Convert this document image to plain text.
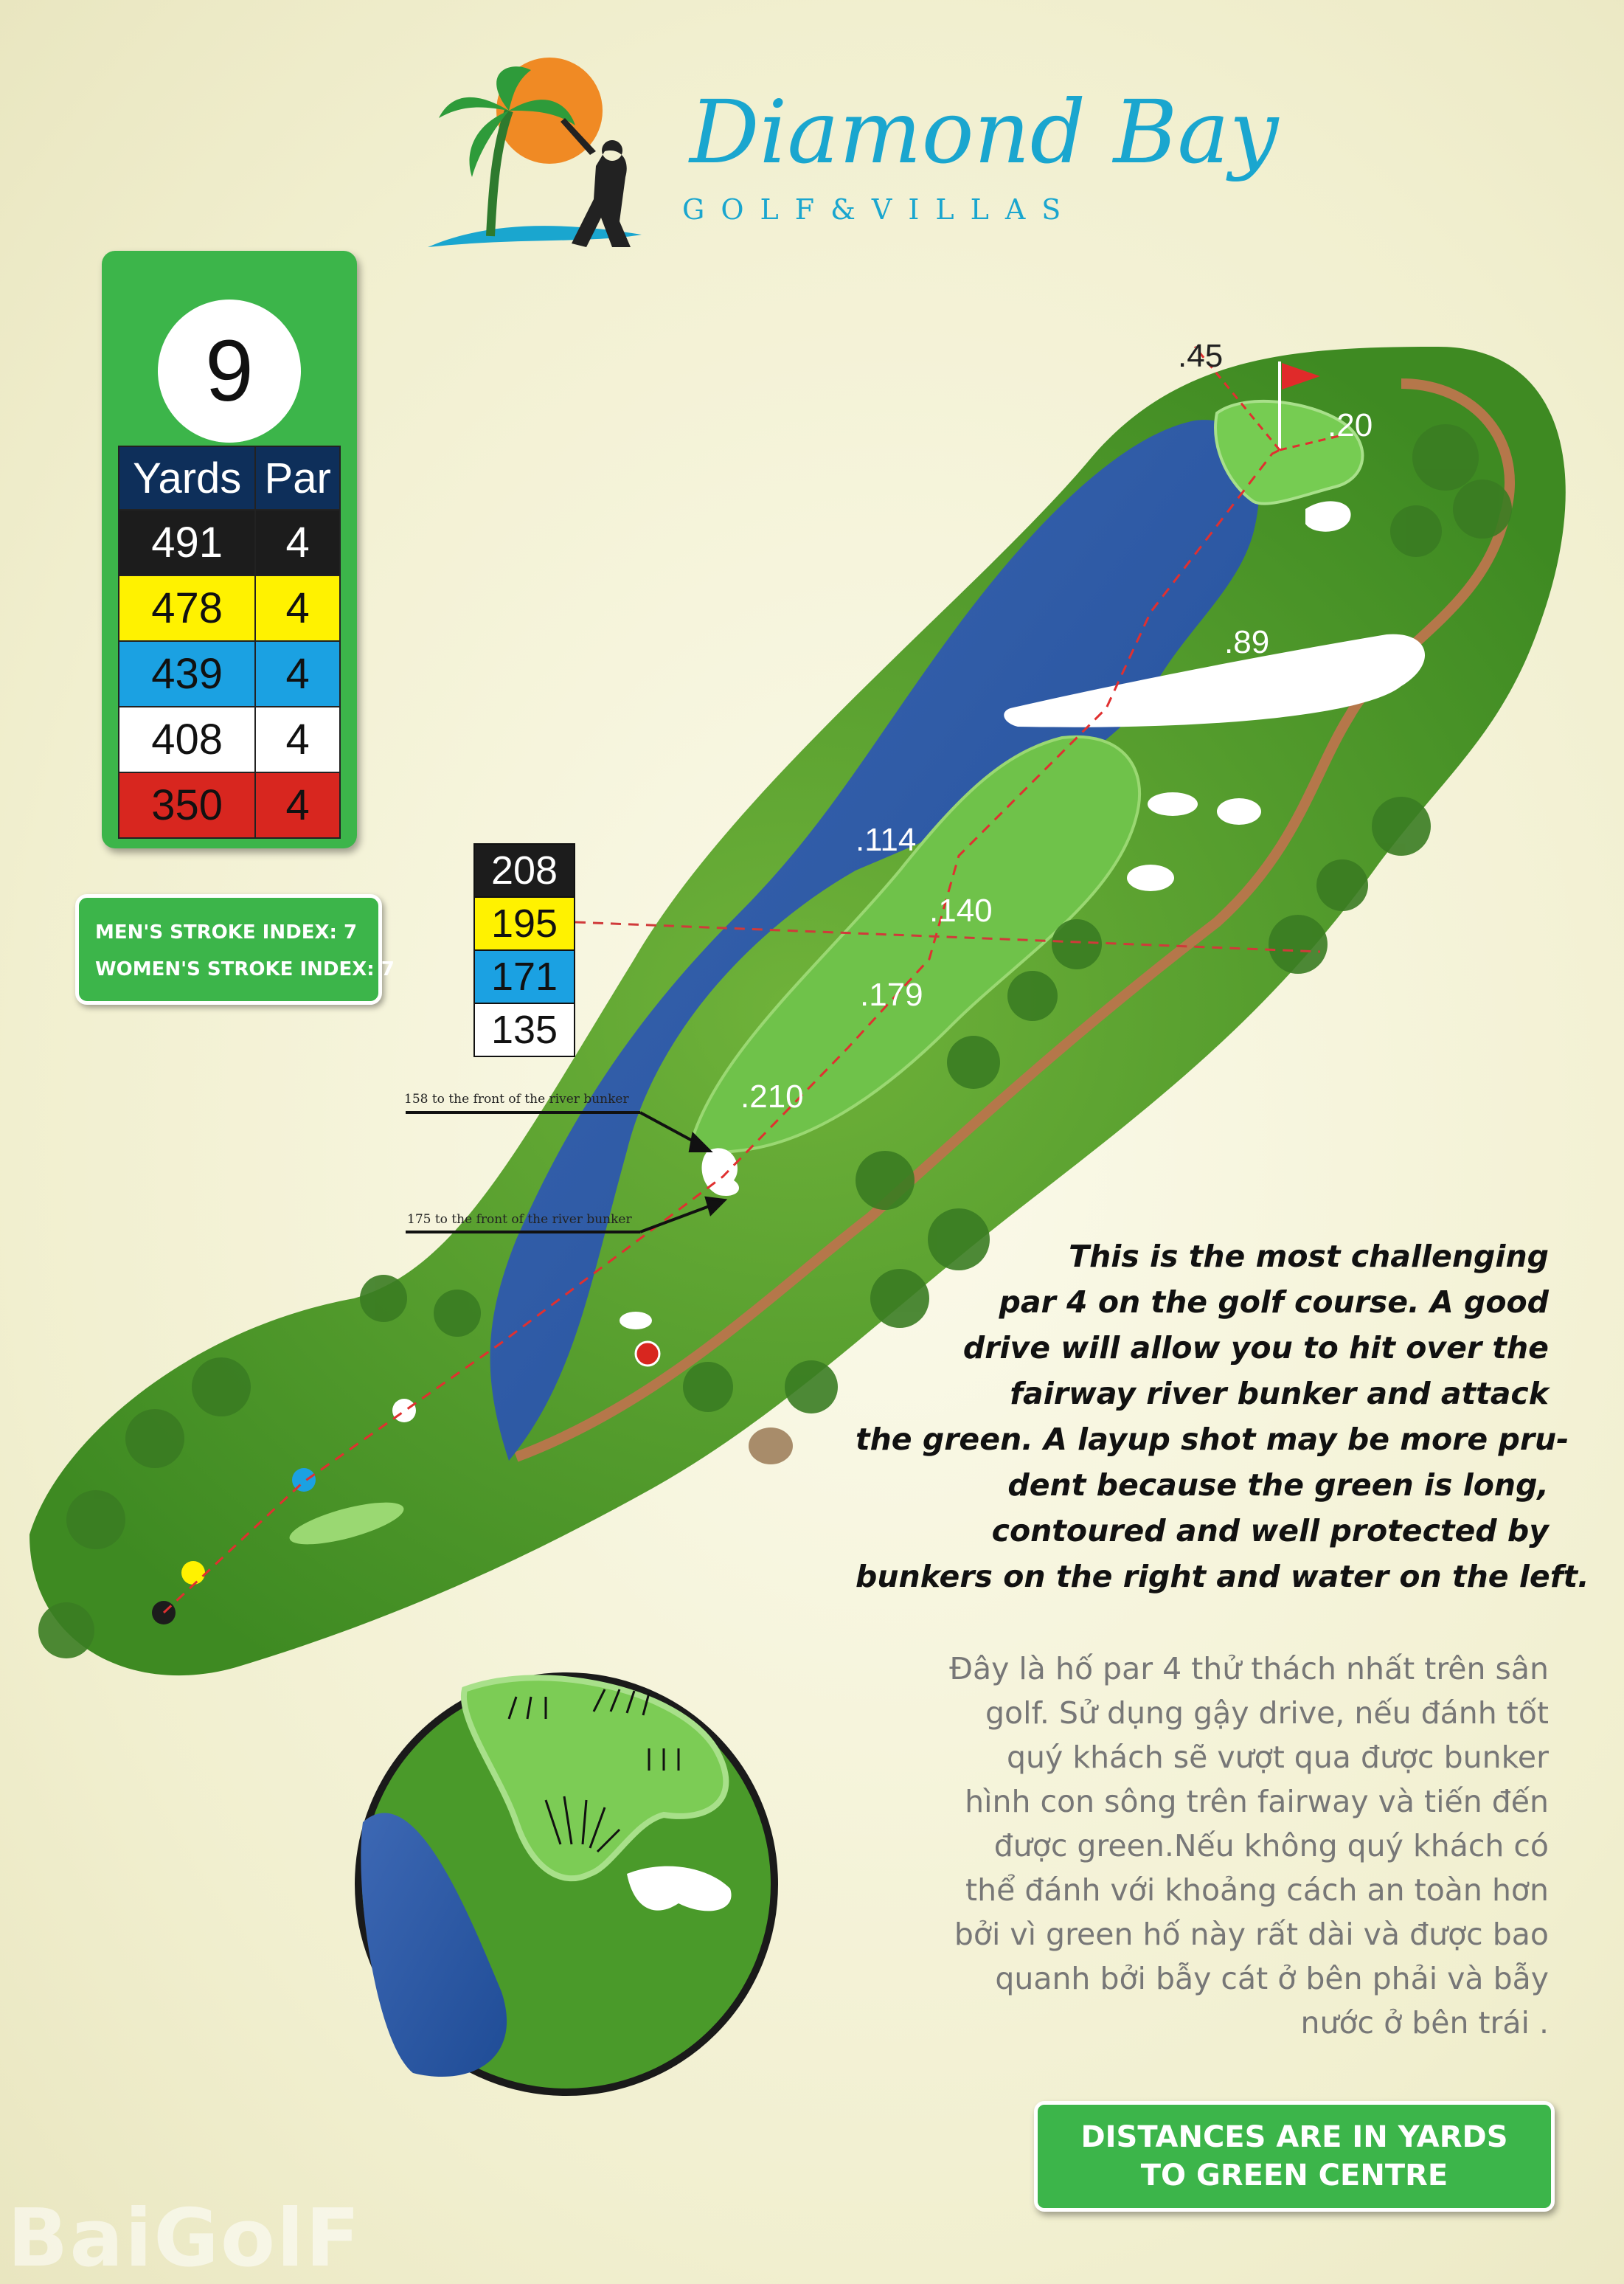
Diamond Bay
GOLF&VILLAS
9
Yards	Par
491	4
478	4
439	4
408	4
350	4
MEN'S STROKE INDEX: 7
WOMEN'S STROKE INDEX: 7
208
195
171
135
.45
.20
.89
.114
.140
.179
.210
158 to the front of the river bunker
175 to the front of the river bunker
This is the most challenging
par 4 on the golf course. A good
drive will allow you to hit over the
fairway river bunker and attack
the green. A layup shot may be more pru-
dent because the green is long,
contoured and well protected by
bunkers on the right and water on the left.
Đây là hố par 4 thử thách nhất trên sân
golf. Sử dụng gậy drive, nếu đánh tốt
quý khách sẽ vượt qua được bunker
hình con sông trên fairway và tiến đến
được green.Nếu không quý khách có
thể đánh với khoảng cách an toàn hơn
bởi vì green hố này rất dài và được bao
quanh bởi bẫy cát ở bên phải và bẫy
nước ở bên trái .
DISTANCES ARE IN YARDS
TO GREEN CENTRE
BaiGolF
